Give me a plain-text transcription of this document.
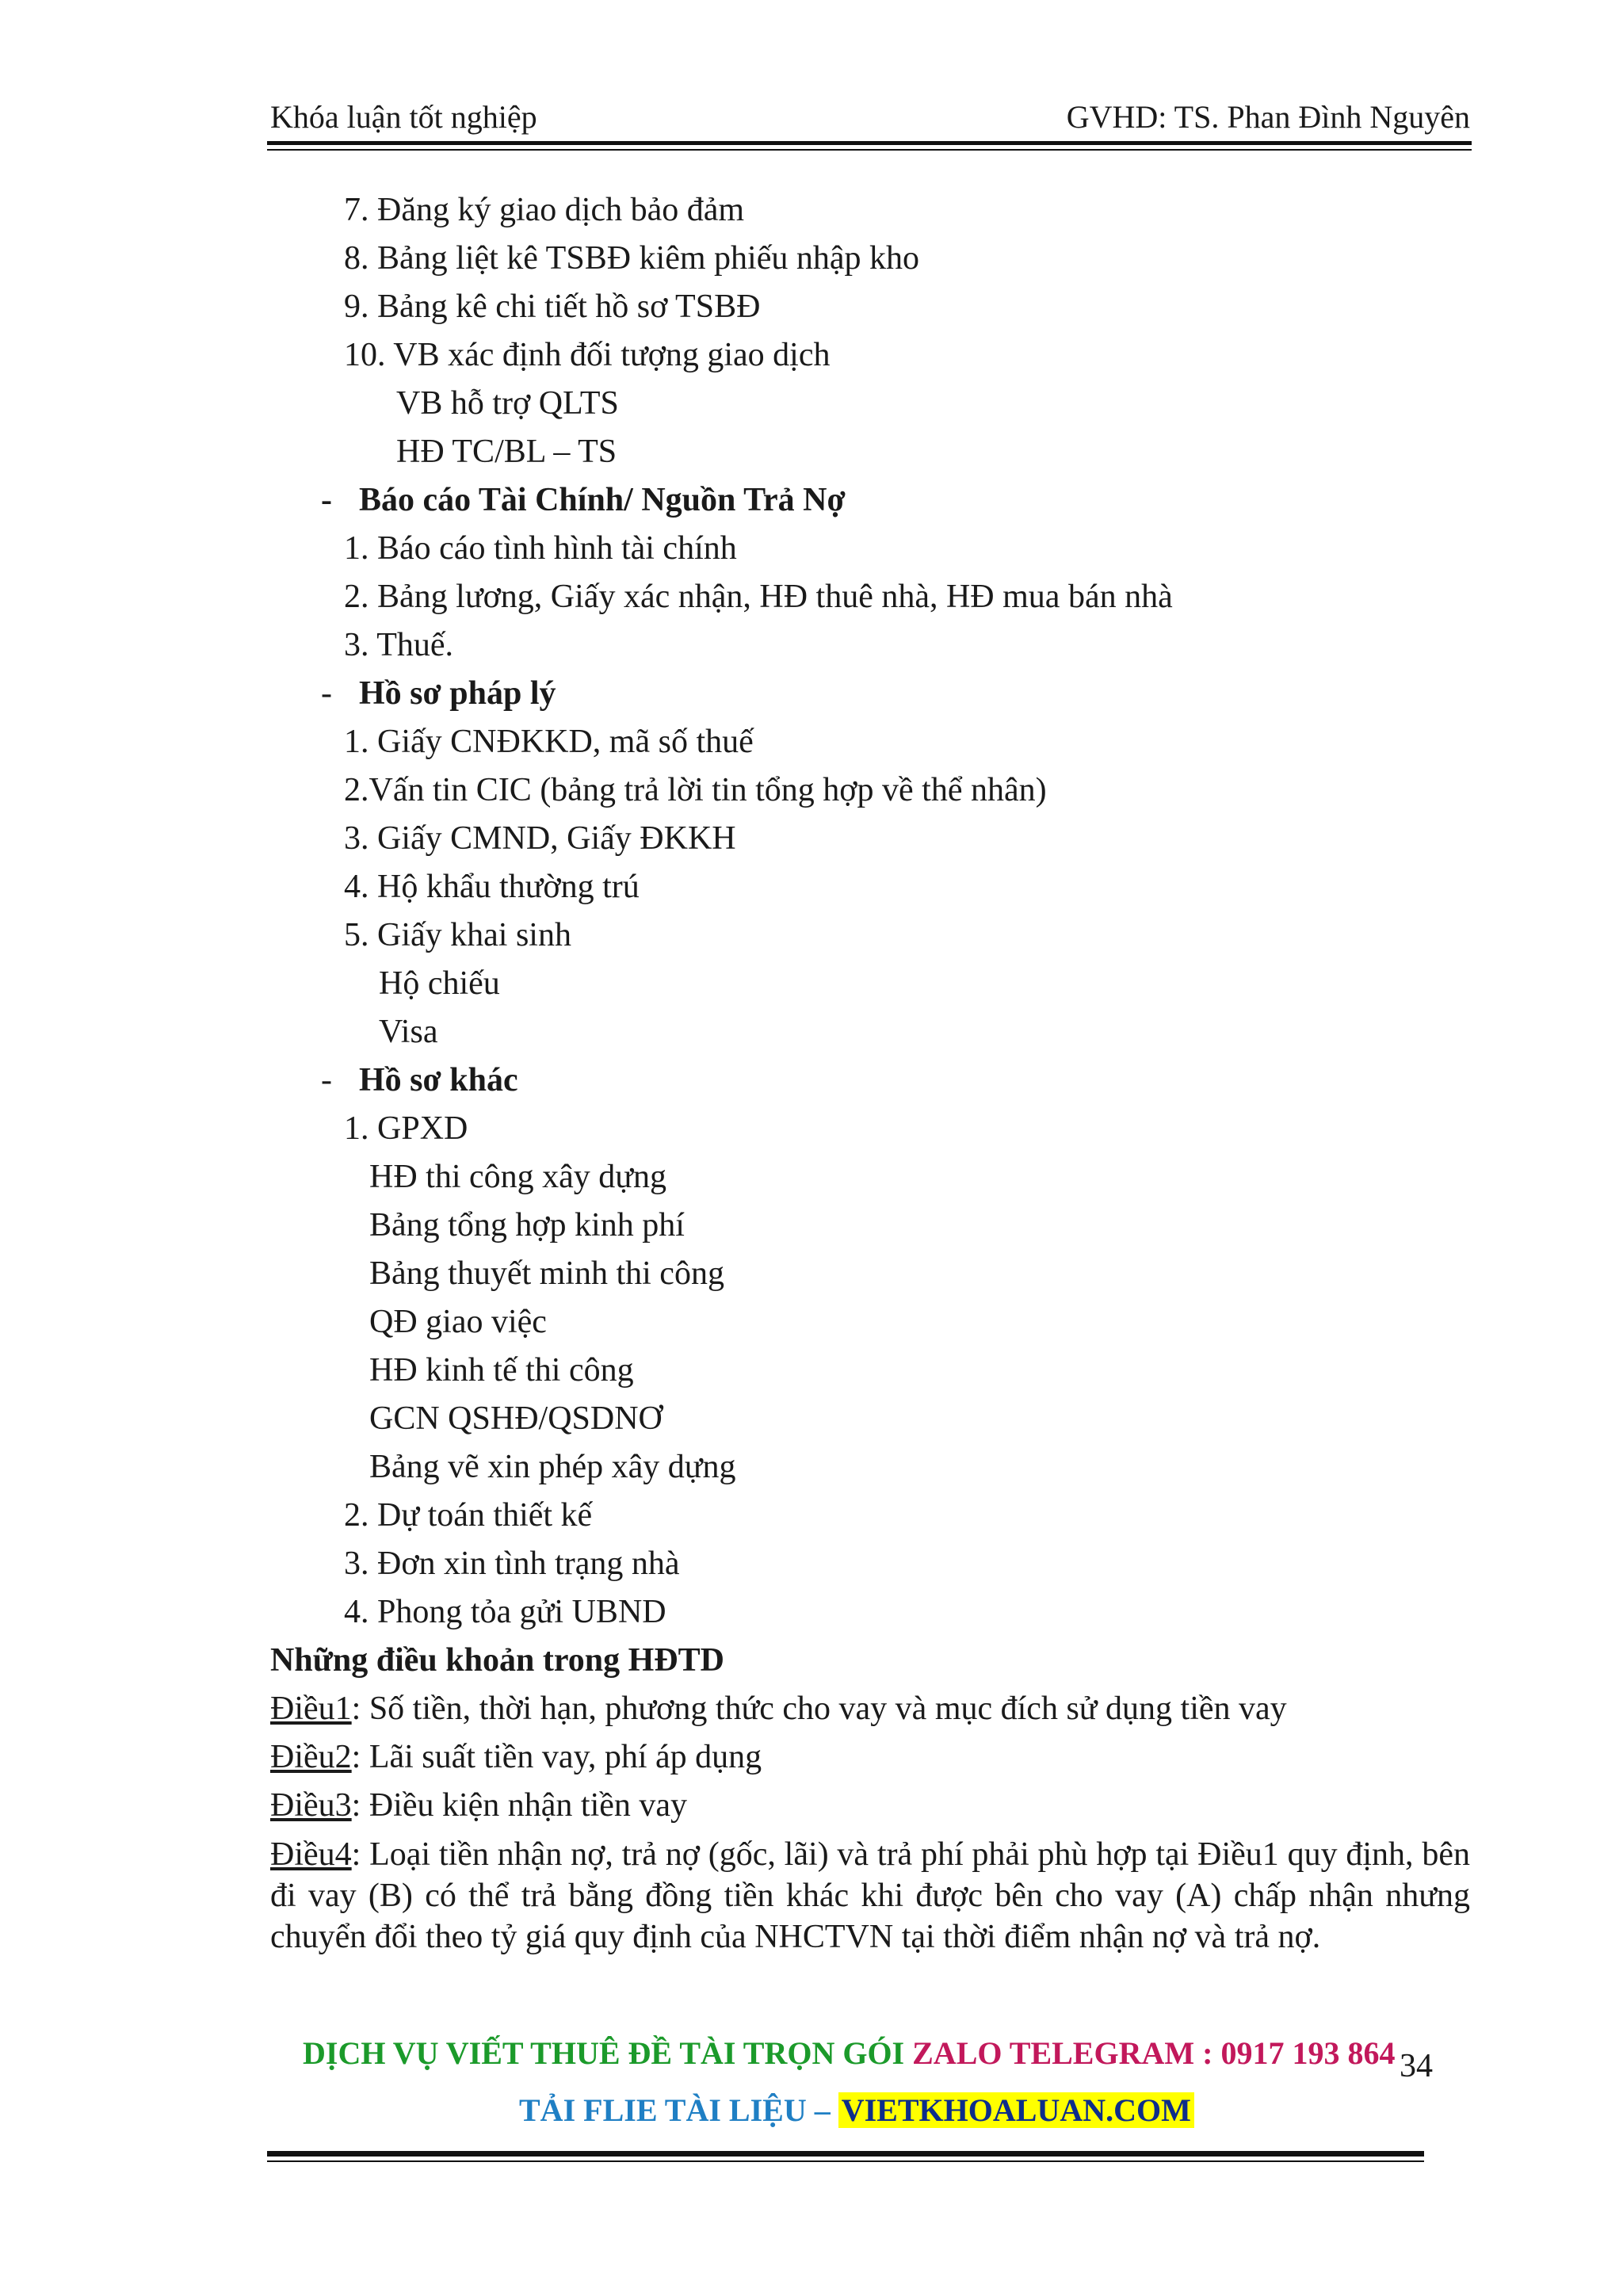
Khóa luận tốt nghiệp	GVHD: TS. Phan Đình Nguyên
7. Đăng ký giao dịch bảo đảm
8. Bảng liệt kê TSBĐ kiêm phiếu nhập kho
9. Bảng kê chi tiết hồ sơ TSBĐ
10. VB xác định đối tượng giao dịch
VB hỗ trợ QLTS
HĐ TC/BL – TS
- Báo cáo Tài Chính/ Nguồn Trả Nợ
1. Báo cáo tình hình tài chính
2. Bảng lương, Giấy xác nhận, HĐ thuê nhà, HĐ mua bán nhà
3. Thuế.
- Hồ sơ pháp lý
1. Giấy CNĐKKD, mã số thuế
2.Vấn tin CIC (bảng trả lời tin tổng hợp về thể nhân)
3. Giấy CMND, Giấy ĐKKH
4. Hộ khẩu thường trú
5. Giấy khai sinh
Hộ chiếu
Visa
- Hồ sơ khác
1. GPXD
HĐ thi công xây dựng
Bảng tổng hợp kinh phí
Bảng thuyết minh thi công
QĐ giao việc
HĐ kinh tế thi công
GCN QSHĐ/QSDNƠ
Bảng vẽ xin phép xây dựng
2. Dự toán thiết kế
3. Đơn xin tình trạng nhà
4. Phong tỏa gửi UBND
Những điều khoản trong HĐTD
Điều1: Số tiền, thời hạn, phương thức cho vay và mục đích sử dụng tiền vay
Điều2: Lãi suất tiền vay, phí áp dụng
Điều3: Điều kiện nhận tiền vay
Điều4: Loại tiền nhận nợ, trả nợ (gốc, lãi) và trả phí phải phù hợp tại Điều1 quy định, bên đi vay (B) có thể trả bằng đồng tiền khác khi được bên cho vay (A) chấp nhận nhưng chuyển đổi theo tỷ giá quy định của NHCTVN tại thời điểm nhận nợ và trả nợ.
DỊCH VỤ VIẾT THUÊ ĐỀ TÀI TRỌN GÓI ZALO TELEGRAM : 0917 193 864 34
TẢI FLIE TÀI LIỆU – VIETKHOALUAN.COM
